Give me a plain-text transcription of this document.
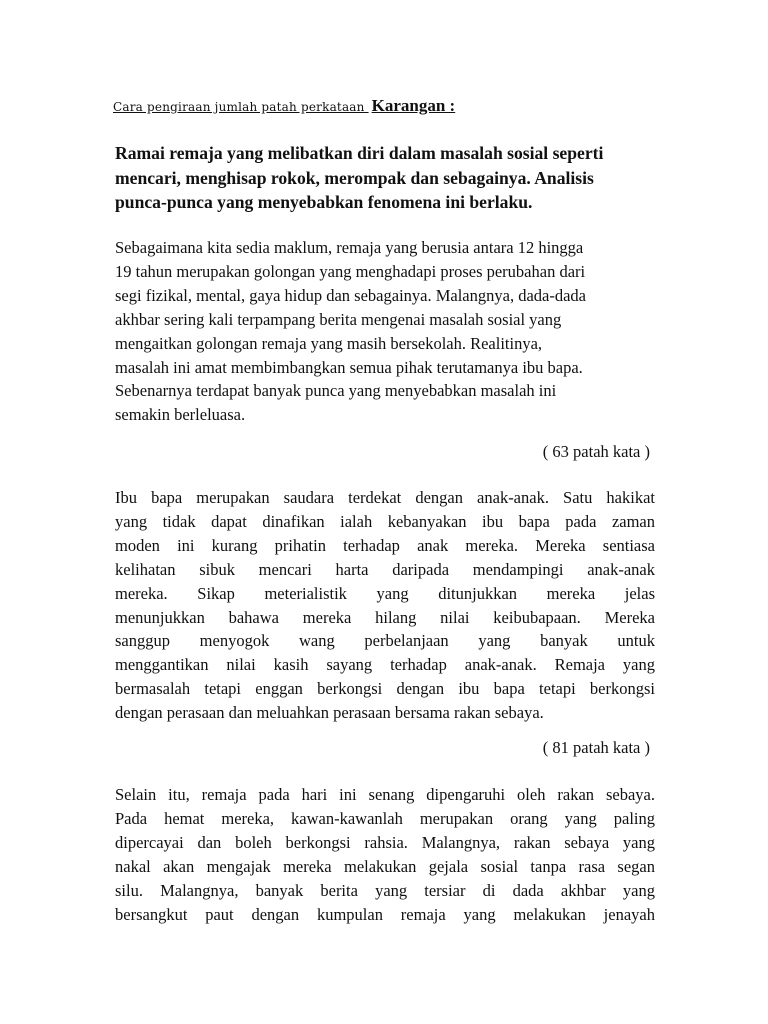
Cara pengiraan jumlah patah perkataan Karangan :
Ramai remaja yang melibatkan diri dalam masalah sosial seperti
mencari, menghisap rokok, merompak dan sebagainya. Analisis
punca-punca yang menyebabkan fenomena ini berlaku.
Sebagaimana kita sedia maklum, remaja yang berusia antara 12 hingga
19 tahun merupakan golongan yang menghadapi proses perubahan dari
segi fizikal, mental, gaya hidup dan sebagainya. Malangnya, dada-dada
akhbar sering kali terpampang berita mengenai masalah sosial yang
mengaitkan golongan remaja yang masih bersekolah. Realitinya,
masalah ini amat membimbangkan semua pihak terutamanya ibu bapa.
Sebenarnya terdapat banyak punca yang menyebabkan masalah ini
semakin berleluasa.
( 63 patah kata )
Ibu bapa merupakan saudara terdekat dengan anak-anak. Satu hakikat
yang tidak dapat dinafikan ialah kebanyakan ibu bapa pada zaman
moden ini kurang prihatin terhadap anak mereka. Mereka sentiasa
kelihatan sibuk mencari harta daripada mendampingi anak-anak
mereka. Sikap meterialistik yang ditunjukkan mereka jelas
menunjukkan bahawa mereka hilang nilai keibubapaan. Mereka
sanggup menyogok wang perbelanjaan yang banyak untuk
menggantikan nilai kasih sayang terhadap anak-anak. Remaja yang
bermasalah tetapi enggan berkongsi dengan ibu bapa tetapi berkongsi
dengan perasaan dan meluahkan perasaan bersama rakan sebaya.
( 81 patah kata )
Selain itu, remaja pada hari ini senang dipengaruhi oleh rakan sebaya.
Pada hemat mereka, kawan-kawanlah merupakan orang yang paling
dipercayai dan boleh berkongsi rahsia. Malangnya, rakan sebaya yang
nakal akan mengajak mereka melakukan gejala sosial tanpa rasa segan
silu. Malangnya, banyak berita yang tersiar di dada akhbar yang
bersangkut paut dengan kumpulan remaja yang melakukan jenayah
